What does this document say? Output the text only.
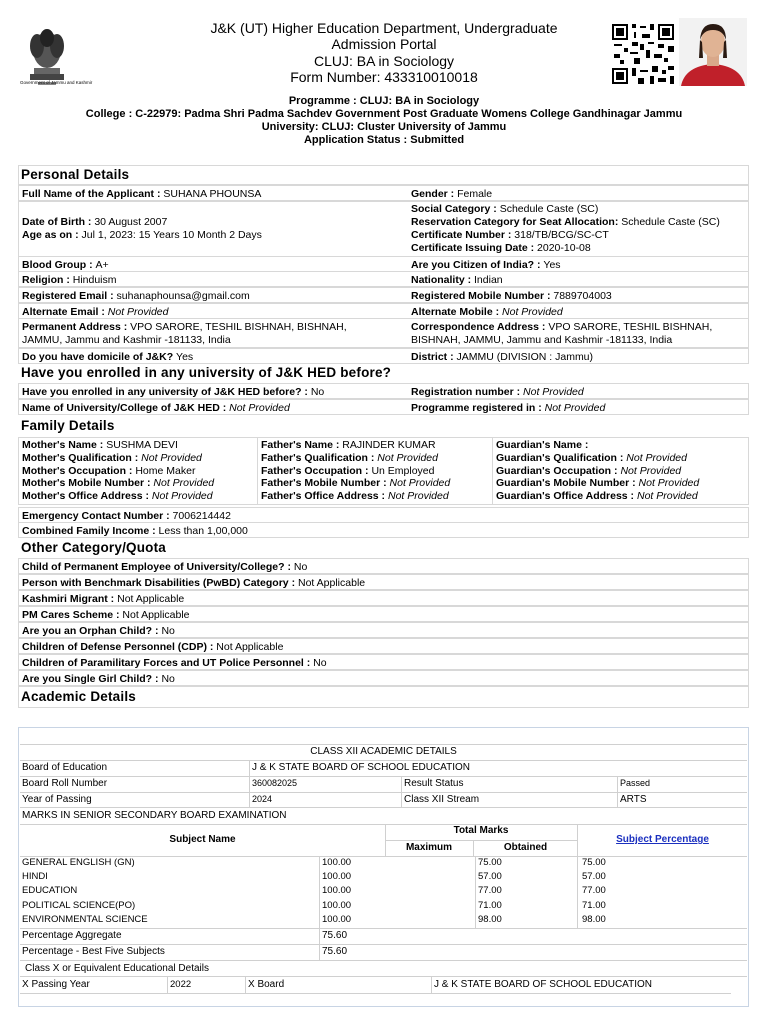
Government of Jammu and Kashmir
J&K (UT) Higher Education Department, Undergraduate
Admission Portal
CLUJ: BA in Sociology
Form Number: 433310010018
Programme : CLUJ: BA in Sociology
College : C-22979: Padma Shri Padma Sachdev Government Post Graduate Womens College Gandhinagar Jammu
University: CLUJ: Cluster University of Jammu
Application Status : Submitted
Personal Details
Full Name of the Applicant : SUHANA PHOUNSA	Gender : Female
Date of Birth : 30 August 2007
Age as on : Jul 1, 2023: 15 Years 10 Month 2 Days
Social Category : Schedule Caste (SC)
Reservation Category for Seat Allocation: Schedule Caste (SC)
Certificate Number : 318/TB/BCG/SC-CT
Certificate Issuing Date : 2020-10-08
Blood Group : A+	Are you Citizen of India? : Yes
Religion : Hinduism	Nationality : Indian
Registered Email : suhanaphounsa@gmail.com	Registered Mobile Number : 7889704003
Alternate Email : Not Provided	Alternate Mobile : Not Provided
Permanent Address : VPO SARORE, TESHIL BISHNAH, BISHNAH,
JAMMU, Jammu and Kashmir -181133, India
Correspondence Address : VPO SARORE, TESHIL BISHNAH,
BISHNAH, JAMMU, Jammu and Kashmir -181133, India
Do you have domicile of J&K? Yes	District : JAMMU (DIVISION : Jammu)
Have you enrolled in any university of J&K HED before?
Have you enrolled in any university of J&K HED before? : No	Registration number : Not Provided
Name of University/College of J&K HED : Not Provided	Programme registered in : Not Provided
Family Details
Mother's Name : SUSHMA DEVI
Mother's Qualification : Not Provided
Mother's Occupation : Home Maker
Mother's Mobile Number : Not Provided
Mother's Office Address : Not Provided

Father's Name : RAJINDER KUMAR
Father's Qualification : Not Provided
Father's Occupation : Un Employed
Father's Mobile Number : Not Provided
Father's Office Address : Not Provided

Guardian's Name :
Guardian's Qualification : Not Provided
Guardian's Occupation : Not Provided
Guardian's Mobile Number : Not Provided
Guardian's Office Address : Not Provided
Emergency Contact Number : 7006214442
Combined Family Income : Less than 1,00,000
Other Category/Quota
Child of Permanent Employee of University/College? : No
Person with Benchmark Disabilities (PwBD) Category : Not Applicable
Kashmiri Migrant : Not Applicable
PM Cares Scheme : Not Applicable
Are you an Orphan Child? : No
Children of Defense Personnel (CDP) : Not Applicable
Children of Paramilitary Forces and UT Police Personnel : No
Are you Single Girl Child? : No
Academic Details
CLASS XII ACADEMIC DETAILS
Board of Education	J & K STATE BOARD OF SCHOOL EDUCATION
Board Roll Number	360082025	Result Status	Passed
Year of Passing	2024	Class XII Stream	ARTS
MARKS IN SENIOR SECONDARY BOARD EXAMINATION
Subject Name
Total Marks
Maximum	Obtained
Subject Percentage
GENERAL ENGLISH (GN)	100.00	75.00	75.00
HINDI	100.00	57.00	57.00
EDUCATION	100.00	77.00	77.00
POLITICAL SCIENCE(PO)	100.00	71.00	71.00
ENVIRONMENTAL SCIENCE	100.00	98.00	98.00
Percentage Aggregate	75.60
Percentage - Best Five Subjects	75.60
Class X or Equivalent Educational Details
X Passing Year	2022	X Board	J & K STATE BOARD OF SCHOOL EDUCATION
